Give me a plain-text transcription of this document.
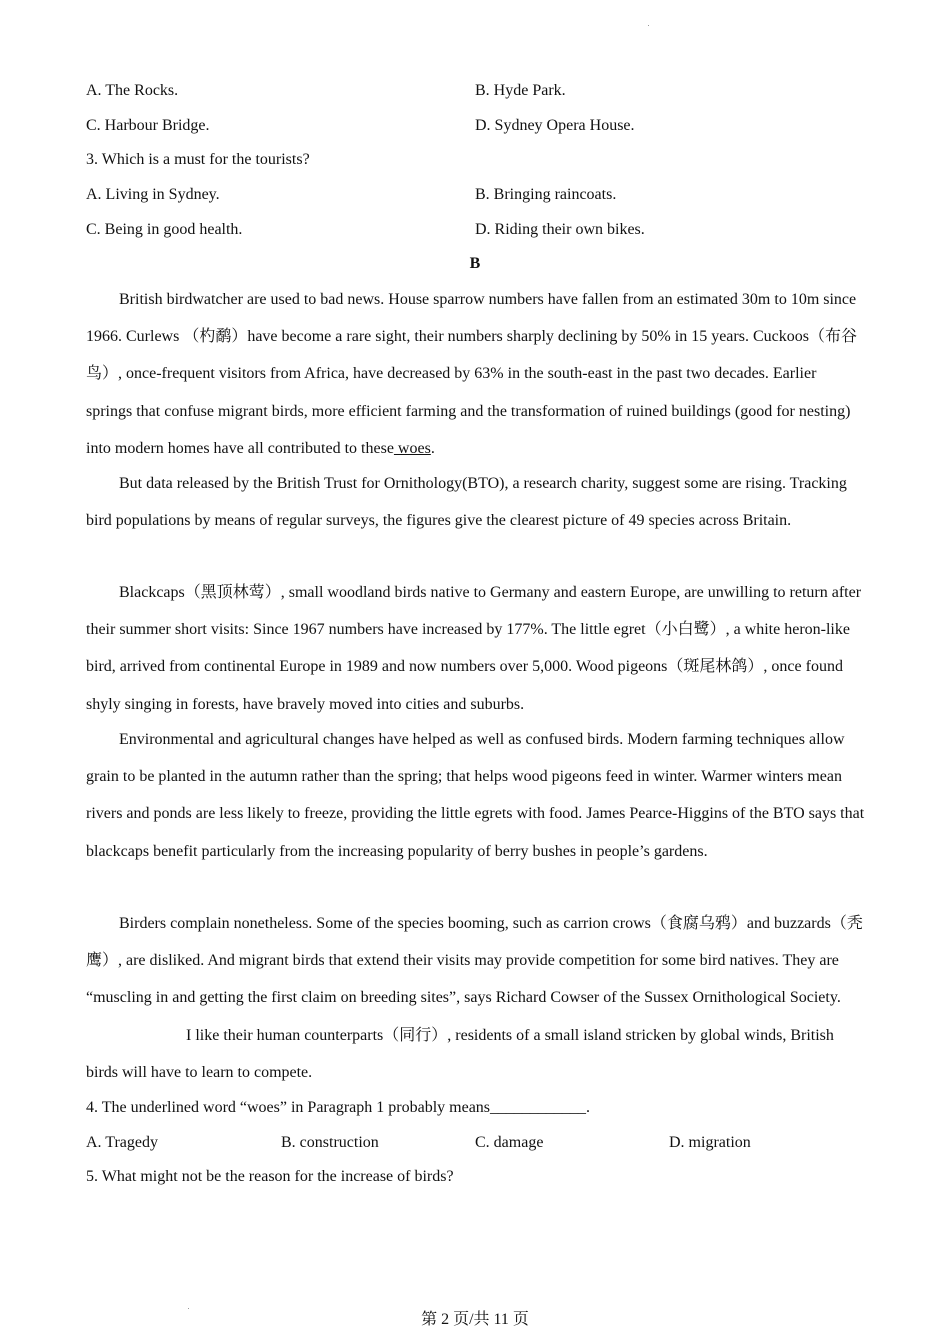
A. The Rocks.	B. Hyde Park.
C. Harbour Bridge.	D. Sydney Opera House.
3. Which is a must for the tourists?
A. Living in Sydney.	B. Bringing raincoats.
C. Being in good health.	D. Riding their own bikes.
B
British birdwatcher are used to bad news. House sparrow numbers have fallen from an estimated 30m to 10m since 1966. Curlews （杓鹬）have become a rare sight, their numbers sharply declining by 50% in 15 years. Cuckoos（布谷鸟）, once-frequent visitors from Africa, have decreased by 63% in the south-east in the past two decades. Earlier springs that confuse migrant birds, more efficient farming and the transformation of ruined buildings (good for nesting) into modern homes have all contributed to these woes.
But data released by the British Trust for Ornithology(BTO), a research charity, suggest some are rising. Tracking bird populations by means of regular surveys, the figures give the clearest picture of 49 species across Britain.
Blackcaps（黑顶林莺）, small woodland birds native to Germany and eastern Europe, are unwilling to return after their summer short visits: Since 1967 numbers have increased by 177%. The little egret（小白鹭）, a white heron-like bird, arrived from continental Europe in 1989 and now numbers over 5,000. Wood pigeons（斑尾林鸽）, once found shyly singing in forests, have bravely moved into cities and suburbs.
Environmental and agricultural changes have helped as well as confused birds. Modern farming techniques allow grain to be planted in the autumn rather than the spring; that helps wood pigeons feed in winter. Warmer winters mean rivers and ponds are less likely to freeze, providing the little egrets with food. James Pearce-Higgins of the BTO says that blackcaps benefit particularly from the increasing popularity of berry bushes in people’s gardens.
Birders complain nonetheless. Some of the species booming, such as carrion crows（食腐乌鸦）and buzzards（秃鹰）, are disliked. And migrant birds that extend their visits may provide competition for some bird natives. They are “muscling in and getting the first claim on breeding sites”, says Richard Cowser of the Sussex Ornithological Society.I like their human counterparts（同行）, residents of a small island stricken by global winds, British birds will have to learn to compete.
4. The underlined word “woes” in Paragraph 1 probably means____________.
A. Tragedy	B. construction	C. damage	D. migration
5. What might not be the reason for the increase of birds?
第 2 页/共 11 页
